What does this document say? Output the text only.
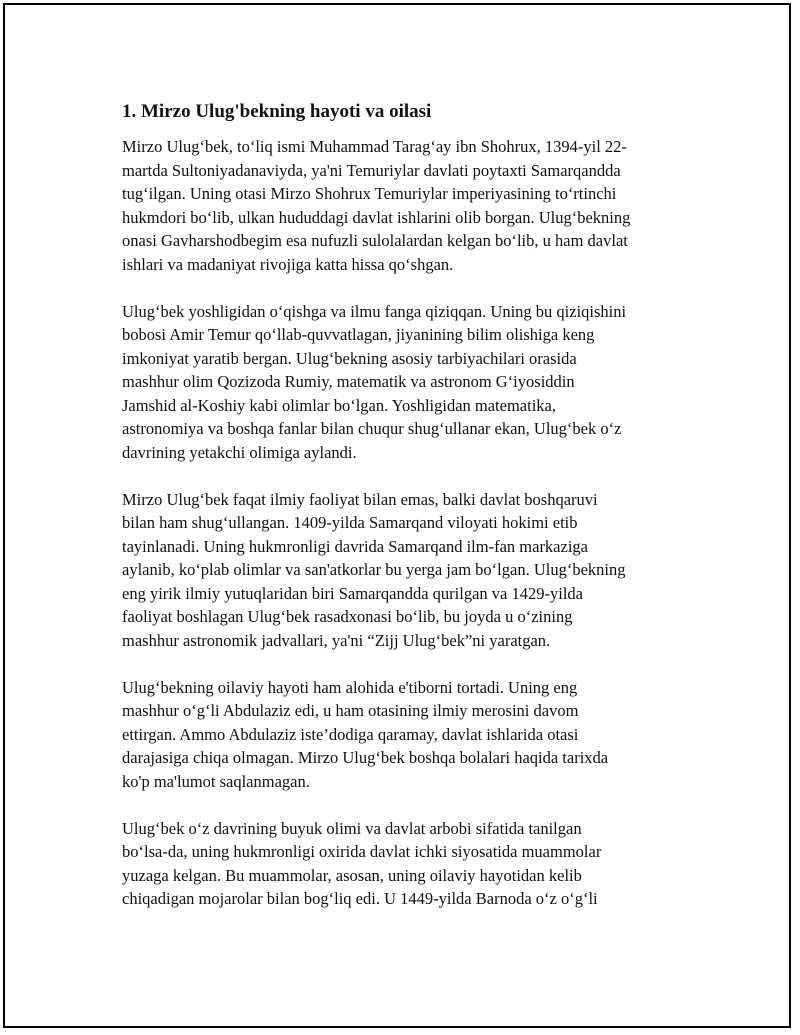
1. Mirzo Ulug'bekning hayoti va oilasi

Mirzo Ulug‘bek, to‘liq ismi Muhammad Tarag‘ay ibn Shohrux, 1394-yil 22-
martda Sultoniyadanaviyda, ya'ni Temuriylar davlati poytaxti Samarqandda
tug‘ilgan. Uning otasi Mirzo Shohrux Temuriylar imperiyasining to‘rtinchi
hukmdori bo‘lib, ulkan hududdagi davlat ishlarini olib borgan. Ulug‘bekning
onasi Gavharshodbegim esa nufuzli sulolalardan kelgan bo‘lib, u ham davlat
ishlari va madaniyat rivojiga katta hissa qo‘shgan.

Ulug‘bek yoshligidan o‘qishga va ilmu fanga qiziqqan. Uning bu qiziqishini
bobosi Amir Temur qo‘llab-quvvatlagan, jiyanining bilim olishiga keng
imkoniyat yaratib bergan. Ulug‘bekning asosiy tarbiyachilari orasida
mashhur olim Qozizoda Rumiy, matematik va astronom G‘iyosiddin
Jamshid al-Koshiy kabi olimlar bo‘lgan. Yoshligidan matematika,
astronomiya va boshqa fanlar bilan chuqur shug‘ullanar ekan, Ulug‘bek o‘z
davrining yetakchi olimiga aylandi.

Mirzo Ulug‘bek faqat ilmiy faoliyat bilan emas, balki davlat boshqaruvi
bilan ham shug‘ullangan. 1409-yilda Samarqand viloyati hokimi etib
tayinlanadi. Uning hukmronligi davrida Samarqand ilm-fan markaziga
aylanib, ko‘plab olimlar va san'atkorlar bu yerga jam bo‘lgan. Ulug‘bekning
eng yirik ilmiy yutuqlaridan biri Samarqandda qurilgan va 1429-yilda
faoliyat boshlagan Ulug‘bek rasadxonasi bo‘lib, bu joyda u o‘zining
mashhur astronomik jadvallari, ya'ni “Zijj Ulug‘bek”ni yaratgan.

Ulug‘bekning oilaviy hayoti ham alohida e'tiborni tortadi. Uning eng
mashhur o‘g‘li Abdulaziz edi, u ham otasining ilmiy merosini davom
ettirgan. Ammo Abdulaziz iste’dodiga qaramay, davlat ishlarida otasi
darajasiga chiqa olmagan. Mirzo Ulug‘bek boshqa bolalari haqida tarixda
ko'p ma'lumot saqlanmagan.

Ulug‘bek o‘z davrining buyuk olimi va davlat arbobi sifatida tanilgan
bo‘lsa-da, uning hukmronligi oxirida davlat ichki siyosatida muammolar
yuzaga kelgan. Bu muammolar, asosan, uning oilaviy hayotidan kelib
chiqadigan mojarolar bilan bog‘liq edi. U 1449-yilda Barnoda o‘z o‘g‘li
